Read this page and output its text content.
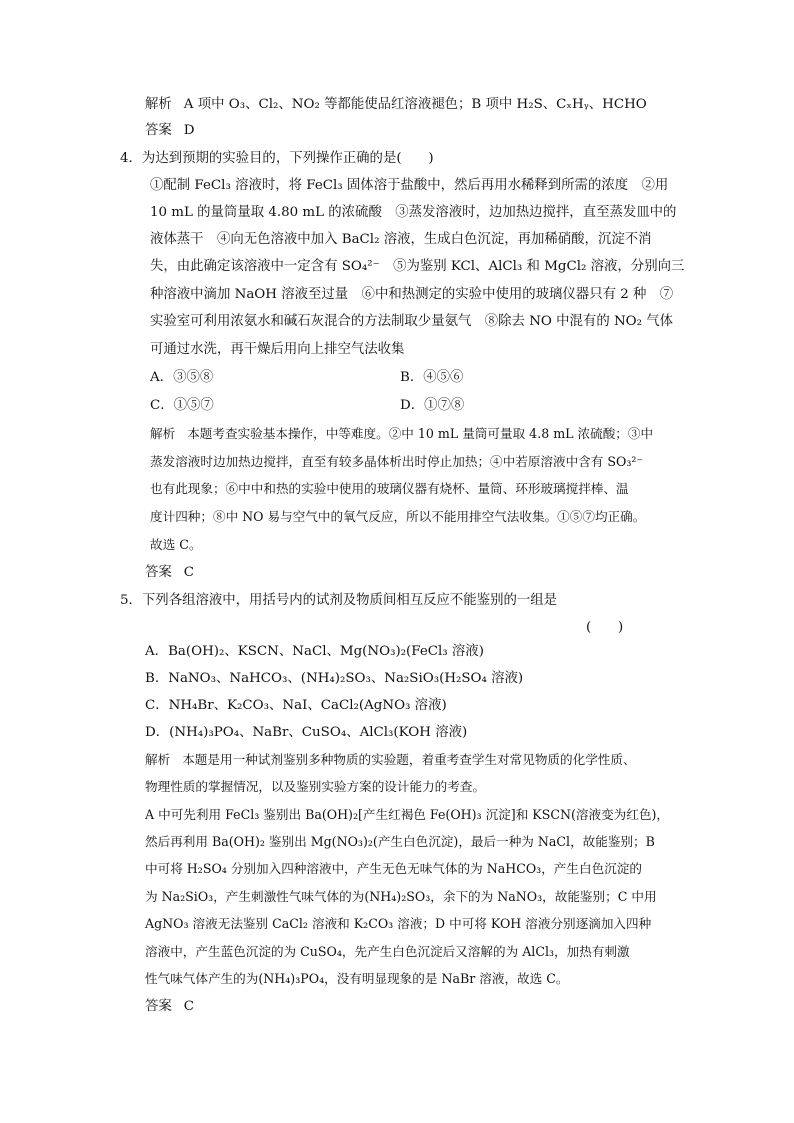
解析 A 项中 O₃、Cl₂、NO₂ 等都能使品红溶液褪色；B 项中 H₂S、CₓHᵧ、HCHO
答案 D
4．为达到预期的实验目的，下列操作正确的是(　　)
①配制 FeCl₃ 溶液时，将 FeCl₃ 固体溶于盐酸中，然后再用水稀释到所需的浓度　②用
10 mL 的量筒量取 4.80 mL 的浓硫酸　③蒸发溶液时，边加热边搅拌，直至蒸发皿中的
液体蒸干　④向无色溶液中加入 BaCl₂ 溶液，生成白色沉淀，再加稀硝酸，沉淀不消
失，由此确定该溶液中一定含有 SO₄²⁻　⑤为鉴别 KCl、AlCl₃ 和 MgCl₂ 溶液，分别向三
种溶液中滴加 NaOH 溶液至过量　⑥中和热测定的实验中使用的玻璃仪器只有 2 种　⑦
实验室可利用浓氨水和碱石灰混合的方法制取少量氨气　⑧除去 NO 中混有的 NO₂ 气体
可通过水洗，再干燥后用向上排空气法收集
A．③⑤⑧	B．④⑤⑥
C．①⑤⑦	D．①⑦⑧
解析 本题考查实验基本操作，中等难度。②中 10 mL 量筒可量取 4.8 mL 浓硫酸；③中
蒸发溶液时边加热边搅拌，直至有较多晶体析出时停止加热；④中若原溶液中含有 SO₃²⁻
也有此现象；⑥中中和热的实验中使用的玻璃仪器有烧杯、量筒、环形玻璃搅拌棒、温
度计四种；⑧中 NO 易与空气中的氧气反应，所以不能用排空气法收集。①⑤⑦均正确。
故选 C。
答案 C
5．下列各组溶液中，用括号内的试剂及物质间相互反应不能鉴别的一组是
(　　)
A．Ba(OH)₂、KSCN、NaCl、Mg(NO₃)₂(FeCl₃ 溶液)
B．NaNO₃、NaHCO₃、(NH₄)₂SO₃、Na₂SiO₃(H₂SO₄ 溶液)
C．NH₄Br、K₂CO₃、NaI、CaCl₂(AgNO₃ 溶液)
D．(NH₄)₃PO₄、NaBr、CuSO₄、AlCl₃(KOH 溶液)
解析 本题是用一种试剂鉴别多种物质的实验题，着重考查学生对常见物质的化学性质、
物理性质的掌握情况，以及鉴别实验方案的设计能力的考查。
A 中可先利用 FeCl₃ 鉴别出 Ba(OH)₂[产生红褐色 Fe(OH)₃ 沉淀]和 KSCN(溶液变为红色)，
然后再利用 Ba(OH)₂ 鉴别出 Mg(NO₃)₂(产生白色沉淀)，最后一种为 NaCl，故能鉴别；B
中可将 H₂SO₄ 分别加入四种溶液中，产生无色无味气体的为 NaHCO₃，产生白色沉淀的
为 Na₂SiO₃，产生刺激性气味气体的为(NH₄)₂SO₃，余下的为 NaNO₃，故能鉴别；C 中用
AgNO₃ 溶液无法鉴别 CaCl₂ 溶液和 K₂CO₃ 溶液；D 中可将 KOH 溶液分别逐滴加入四种
溶液中，产生蓝色沉淀的为 CuSO₄，先产生白色沉淀后又溶解的为 AlCl₃，加热有刺激
性气味气体产生的为(NH₄)₃PO₄，没有明显现象的是 NaBr 溶液，故选 C。
答案 C
